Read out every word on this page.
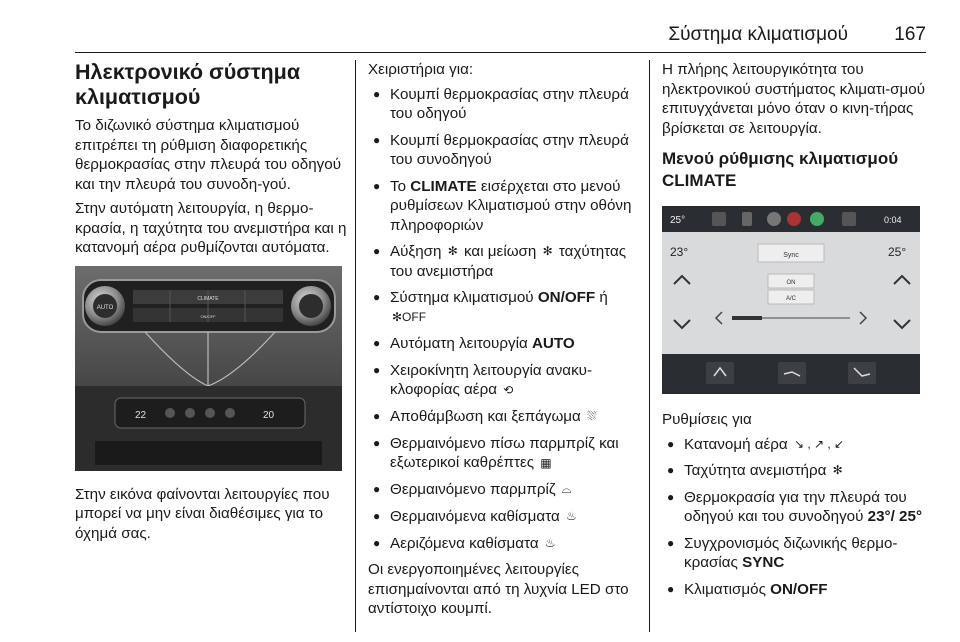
Σύστημα κλιματισμού 167
Ηλεκτρονικό σύστημα κλιματισμού

Το διζωνικό σύστημα κλιματισμού επιτρέπει τη ρύθμιση διαφορετικής θερμοκρασίας στην πλευρά του οδηγού και την πλευρά του συνοδη-γού.

Στην αυτόματη λειτουργία, η θερμο-κρασία, η ταχύτητα του ανεμιστήρα και η κατανομή αέρα ρυθμίζονται αυτόματα.

AUTO
CLIMATE
ON/OFF
22	20

Στην εικόνα φαίνονται λειτουργίες που μπορεί να μην είναι διαθέσιμες για το όχημά σας.

Χειριστήρια για:

● Κουμπί θερμοκρασίας στην πλευρά του οδηγού
● Κουμπί θερμοκρασίας στην πλευρά του συνοδηγού
● Το CLIMATE εισέρχεται στο μενού ρυθμίσεων Κλιματισμού στην οθόνη πληροφοριών
● Αύξηση ✻ και μείωση ✻ ταχύτητας του ανεμιστήρα
● Σύστημα κλιματισμού ON/OFF ή ✻OFF
● Αυτόματη λειτουργία AUTO
● Χειροκίνητη λειτουργία ανακυ-κλοφορίας αέρα ⟲
● Αποθάμβωση και ξεπάγωμα ⛆
● Θερμαινόμενο πίσω παρμπρίζ και εξωτερικοί καθρέπτες ▦
● Θερμαινόμενο παρμπρίζ ⌓
● Θερμαινόμενα καθίσματα ♨
● Αεριζόμενα καθίσματα ♨

Οι ενεργοποιημένες λειτουργίες επισημαίνονται από τη λυχνία LED στο αντίστοιχο κουμπί.

Η πλήρης λειτουργικότητα του ηλεκτρονικού συστήματος κλιματι-σμού επιτυγχάνεται μόνο όταν ο κινη-τήρας βρίσκεται σε λειτουργία.

Μενού ρύθμισης κλιματισμού CLIMATE
25°	0:04
23°	25°
Sync
ON
A/C

Ρυθμίσεις για

● Κατανομή αέρα ↘ , ↗ , ↙
● Ταχύτητα ανεμιστήρα ✻
● Θερμοκρασία για την πλευρά του οδηγού και του συνοδηγού 23°/ 25°
● Συγχρονισμός διζωνικής θερμο-κρασίας SYNC
● Κλιματισμός ON/OFF
